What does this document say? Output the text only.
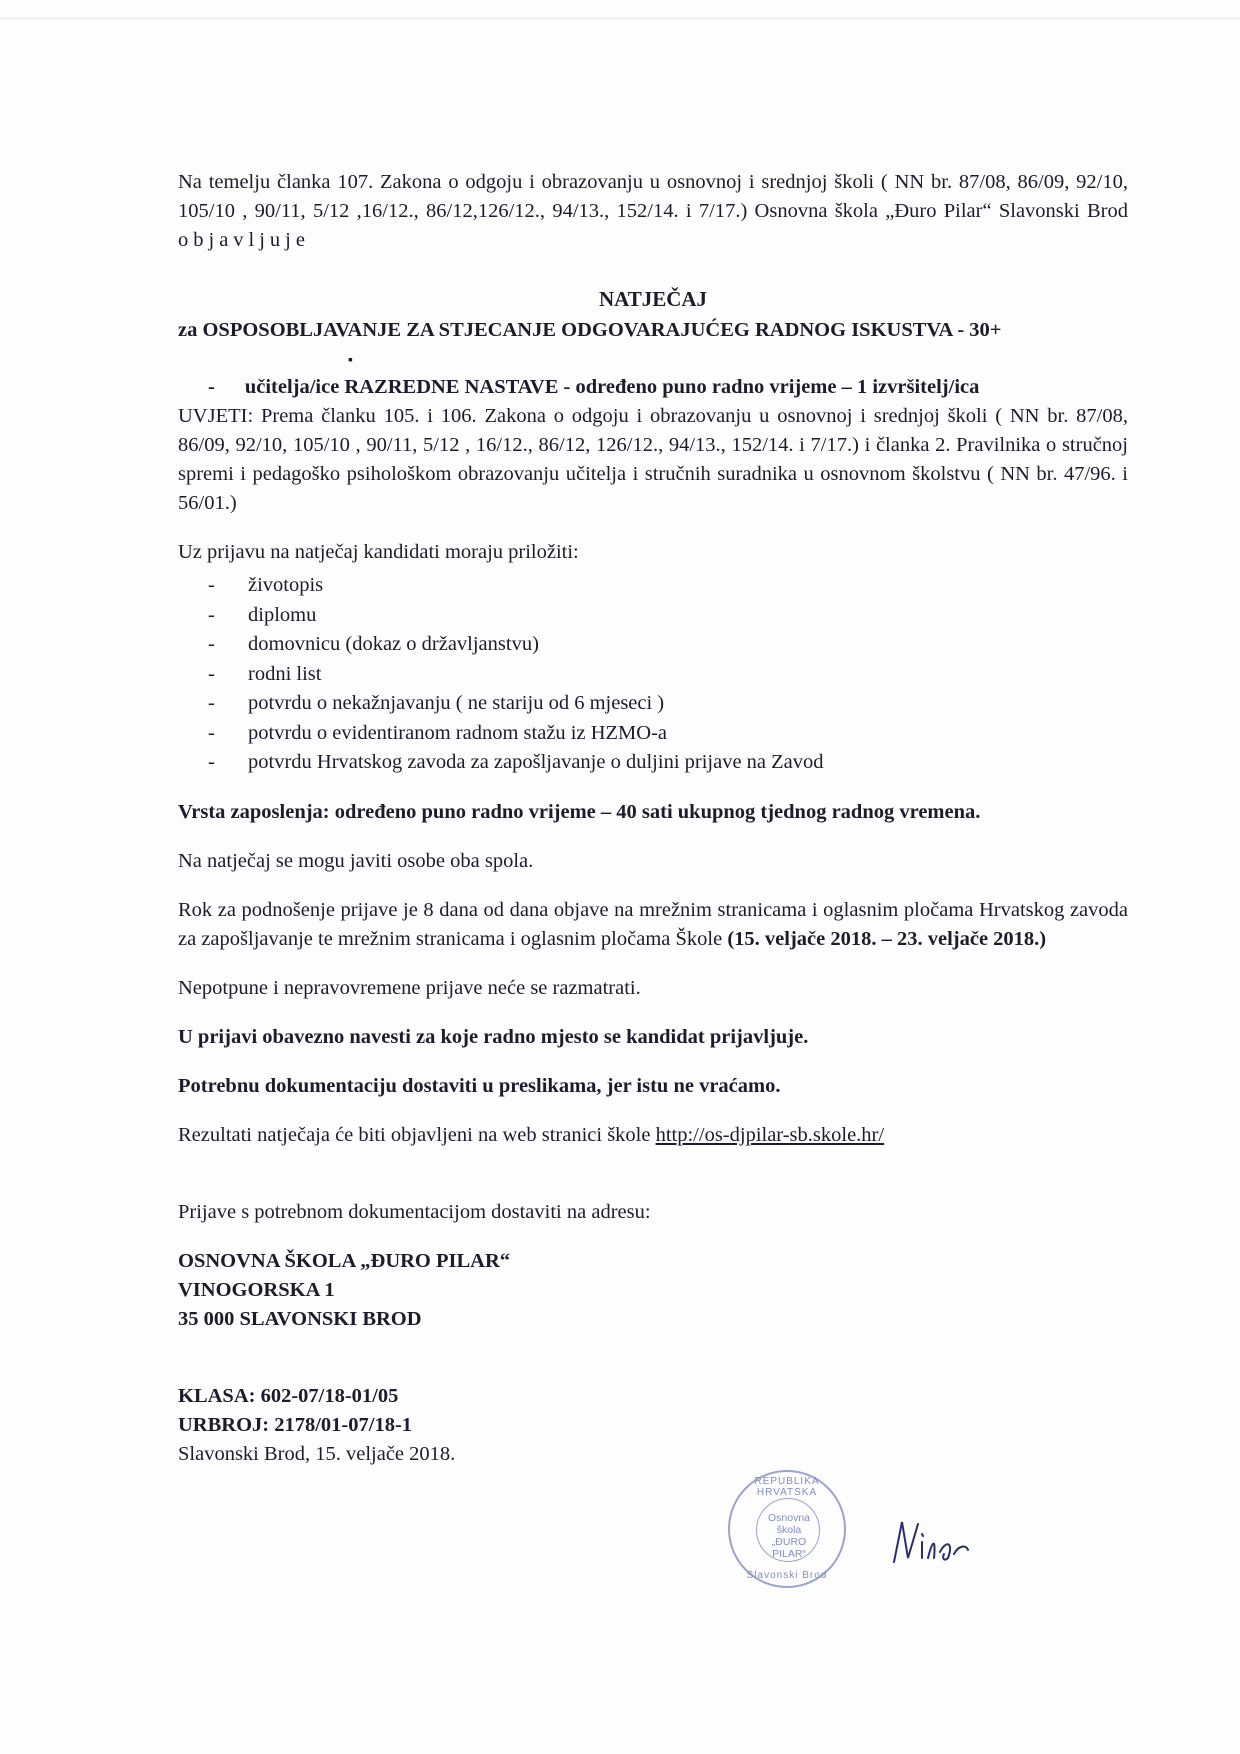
Na temelju članka 107. Zakona o odgoju i obrazovanju u osnovnoj i srednjoj školi ( NN br. 87/08, 86/09, 92/10, 105/10 , 90/11, 5/12 ,16/12., 86/12,126/12., 94/13., 152/14. i 7/17.) Osnovna škola „Đuro Pilar“ Slavonski Brod objavljuje

NATJEČAJ

za OSPOSOBLJAVANJE ZA STJECANJE ODGOVARAJUĆEG RADNOG ISKUSTVA - 30+

▪

- učitelja/ice RAZREDNE NASTAVE - određeno puno radno vrijeme – 1 izvršitelj/ica

UVJETI: Prema članku 105. i 106. Zakona o odgoju i obrazovanju u osnovnoj i srednjoj školi ( NN br. 87/08, 86/09, 92/10, 105/10 , 90/11, 5/12 , 16/12., 86/12, 126/12., 94/13., 152/14. i 7/17.) i članka 2. Pravilnika o stručnoj spremi i pedagoško psihološkom obrazovanju učitelja i stručnih suradnika u osnovnom školstvu ( NN br. 47/96. i 56/01.)

Uz prijavu na natječaj kandidati moraju priložiti:

- životopis
- diplomu
- domovnicu (dokaz o državljanstvu)
- rodni list
- potvrdu o nekažnjavanju ( ne stariju od 6 mjeseci )
- potvrdu o evidentiranom radnom stažu iz HZMO-a
- potvrdu Hrvatskog zavoda za zapošljavanje o duljini prijave na Zavod

Vrsta zaposlenja: određeno puno radno vrijeme – 40 sati ukupnog tjednog radnog vremena.

Na natječaj se mogu javiti osobe oba spola.

Rok za podnošenje prijave je 8 dana od dana objave na mrežnim stranicama i oglasnim pločama Hrvatskog zavoda za zapošljavanje te mrežnim stranicama i oglasnim pločama Škole (15. veljače 2018. – 23. veljače 2018.)

Nepotpune i nepravovremene prijave neće se razmatrati.

U prijavi obavezno navesti za koje radno mjesto se kandidat prijavljuje.

Potrebnu dokumentaciju dostaviti u preslikama, jer istu ne vraćamo.

Rezultati natječaja će biti objavljeni na web stranici škole http://os-djpilar-sb.skole.hr/

Prijave s potrebnom dokumentacijom dostaviti na adresu:

OSNOVNA ŠKOLA „ĐURO PILAR“

VINOGORSKA 1

35 000 SLAVONSKI BROD

KLASA: 602-07/18-01/05

URBROJ: 2178/01-07/18-1

Slavonski Brod, 15. veljače 2018.

REPUBLIKA HRVATSKA
Osnovna
škola
„ĐURO
PILAR“
Slavonski Brod
